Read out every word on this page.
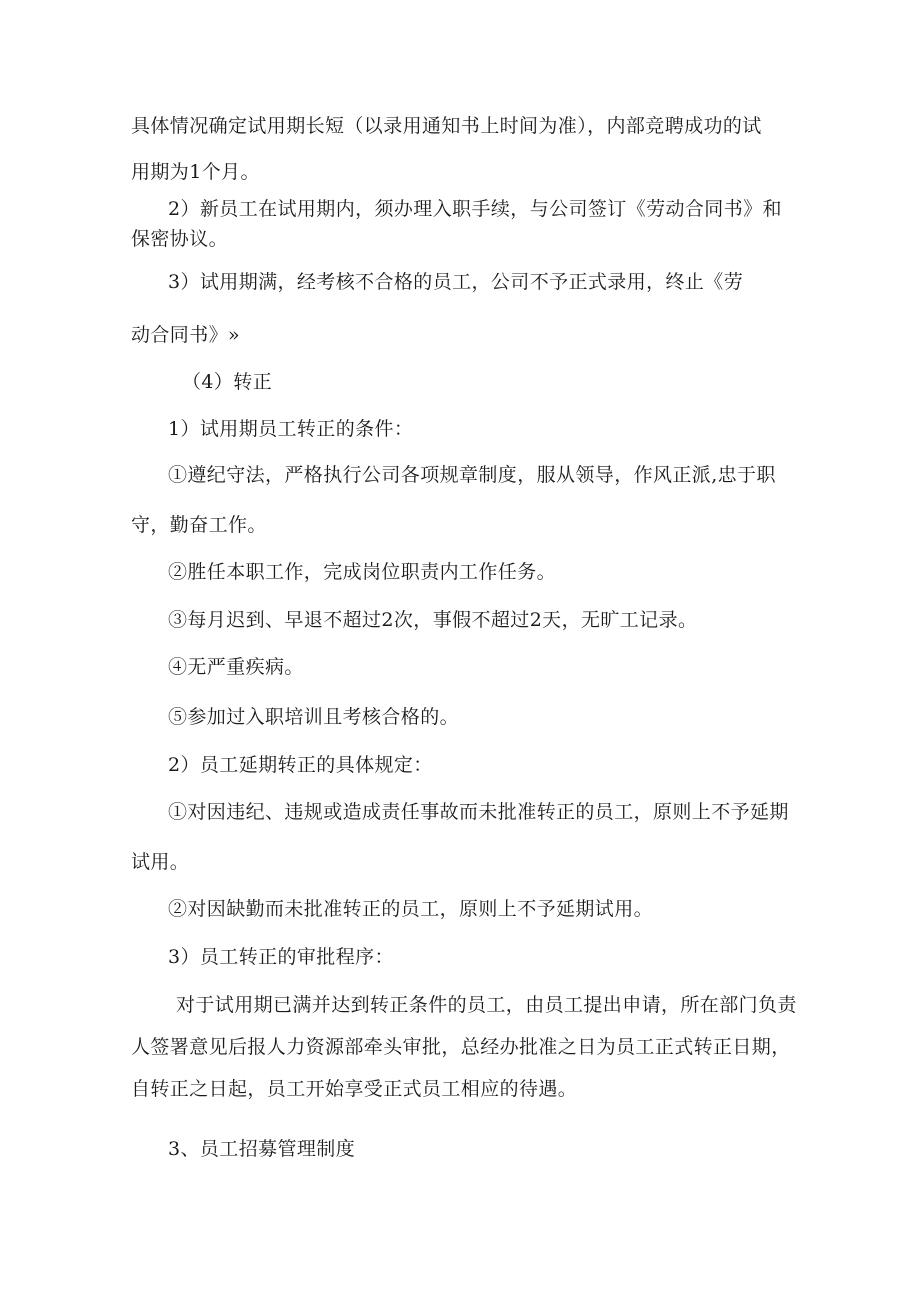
具体情况确定试用期长短（以录用通知书上时间为准），内部竞聘成功的试
用期为1个月。
2）新员工在试用期内，须办理入职手续，与公司签订《劳动合同书》和
保密协议。
3）试用期满，经考核不合格的员工，公司不予正式录用，终止《劳
动合同书》»
（4）转正
1）试用期员工转正的条件：
①遵纪守法，严格执行公司各项规章制度，服从领导，作风正派,忠于职
守，勤奋工作。
②胜任本职工作，完成岗位职责内工作任务。
③每月迟到、早退不超过2次，事假不超过2天，无旷工记录。
④无严重疾病。
⑤参加过入职培训且考核合格的。
2）员工延期转正的具体规定：
①对因违纪、违规或造成责任事故而未批准转正的员工，原则上不予延期
试用。
②对因缺勤而未批准转正的员工，原则上不予延期试用。
3）员工转正的审批程序：
对于试用期已满并达到转正条件的员工，由员工提出申请，所在部门负责
人签署意见后报人力资源部牵头审批，总经办批准之日为员工正式转正日期，
自转正之日起，员工开始享受正式员工相应的待遇。
3、员工招募管理制度
